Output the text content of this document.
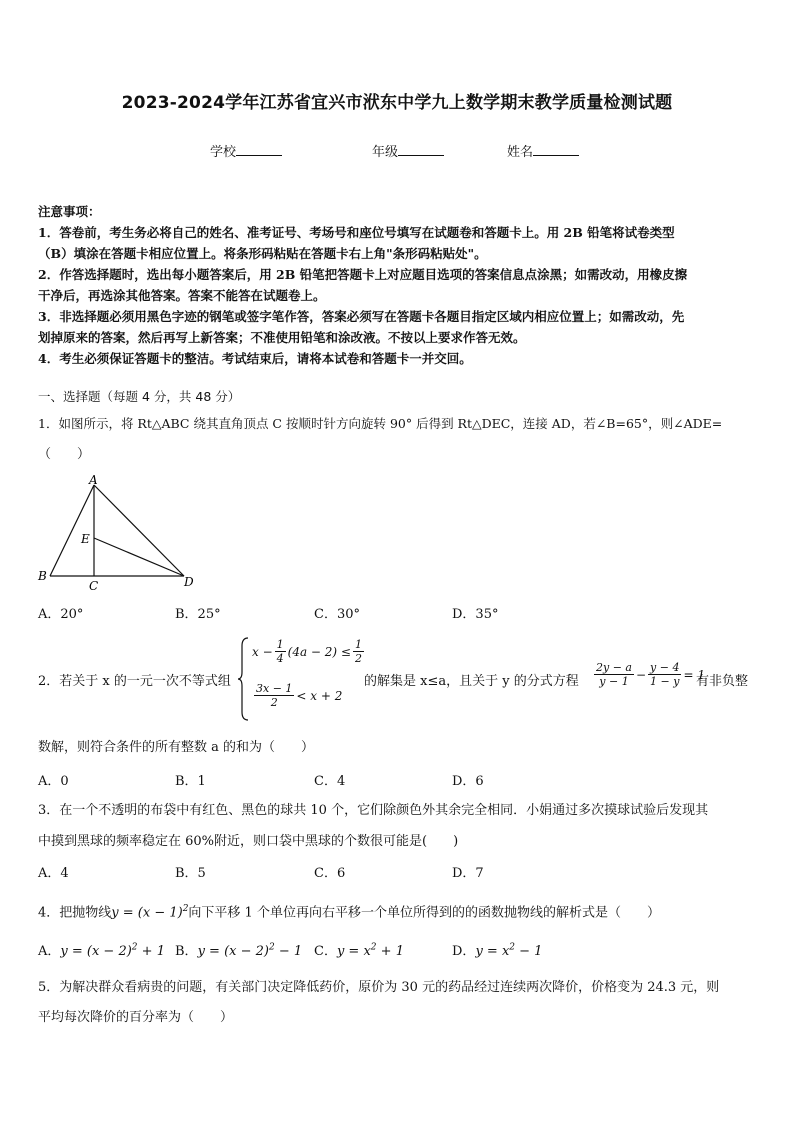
2023-2024学年江苏省宜兴市洑东中学九上数学期末教学质量检测试题
学校	年级	姓名
注意事项：
1．答卷前，考生务必将自己的姓名、准考证号、考场号和座位号填写在试题卷和答题卡上。用 2B 铅笔将试卷类型
（B）填涂在答题卡相应位置上。将条形码粘贴在答题卡右上角"条形码粘贴处"。
2．作答选择题时，选出每小题答案后，用 2B 铅笔把答题卡上对应题目选项的答案信息点涂黑；如需改动，用橡皮擦
干净后，再选涂其他答案。答案不能答在试题卷上。
3．非选择题必须用黑色字迹的钢笔或签字笔作答，答案必须写在答题卡各题目指定区域内相应位置上；如需改动，先
划掉原来的答案，然后再写上新答案；不准使用铅笔和涂改液。不按以上要求作答无效。
4．考生必须保证答题卡的整洁。考试结束后，请将本试卷和答题卡一并交回。
一、选择题（每题 4 分，共 48 分）
1．如图所示，将 Rt△ABC 绕其直角顶点 C 按顺时针方向旋转 90° 后得到 Rt△DEC，连接 AD，若∠B=65°，则∠ADE=
（　　）
A
B
C	D
E
A．20°	B．25°	C．30°	D．35°
2．若关于 x 的一元一次不等式组
$x - \frac{1}{4} (4a - 2) \le \frac{1}{2}$
$\frac{3x - 1}{2} < x + 2$
的解集是 x≤a，且关于 y 的分式方程 $\frac{2y - a}{y - 1} - \frac{y - 4}{1 - y} = 1$
有非负整
数解，则符合条件的所有整数 a 的和为（　　）
A．0	B．1	C．4	D．6
3．在一个不透明的布袋中有红色、黑色的球共 10 个，它们除颜色外其余完全相同．小娟通过多次摸球试验后发现其
中摸到黑球的频率稳定在 60%附近，则口袋中黑球的个数很可能是(　　)
A．4	B．5	C．6	D．7
4．把抛物线$y = (x - 1)^2$向下平移 1 个单位再向右平移一个单位所得到的的函数抛物线的解析式是（　　）
A．$y = (x - 2)^2 + 1$ B．$y = (x - 2)^2 - 1$ C．$y = x^2 + 1$	D．$y = x^2 - 1$
5．为解决群众看病贵的问题，有关部门决定降低药价，原价为 30 元的药品经过连续两次降价，价格变为 24.3 元，则
平均每次降价的百分率为（　　）
